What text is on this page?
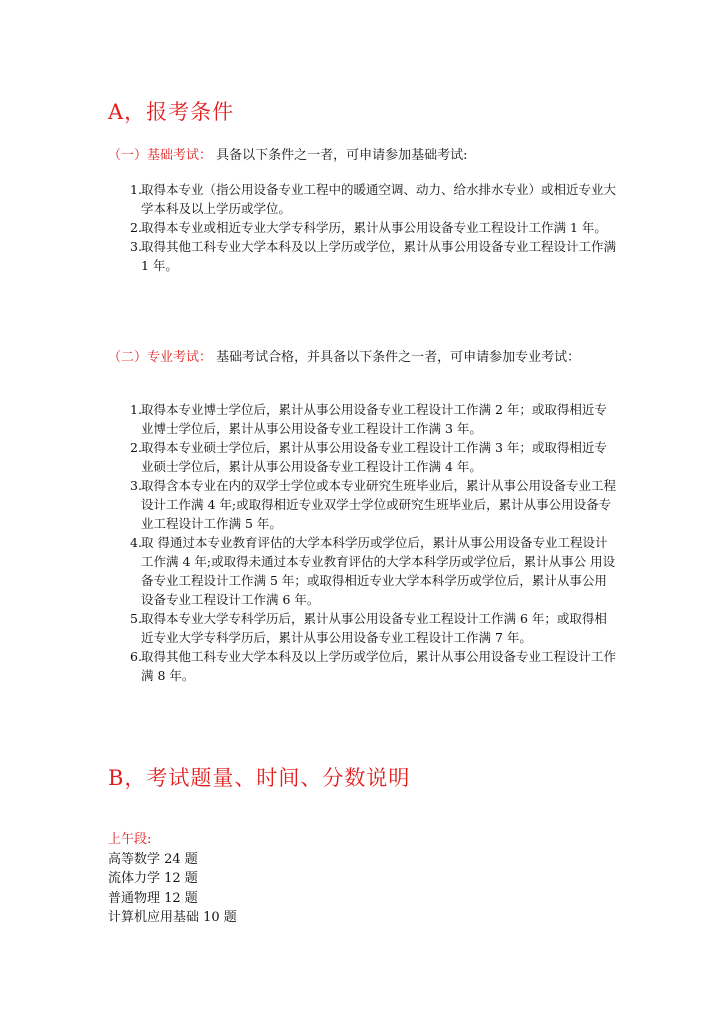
A，报考条件
（一）基础考试： 具备以下条件之一者，可申请参加基础考试:
1. 取得本专业（指公用设备专业工程中的暖通空调、动力、给水排水专业）或相近专业大学本科及以上学历或学位。
2. 取得本专业或相近专业大学专科学历，累计从事公用设备专业工程设计工作满 1 年。
3. 取得其他工科专业大学本科及以上学历或学位，累计从事公用设备专业工程设计工作满 1 年。
（二）专业考试： 基础考试合格，并具备以下条件之一者，可申请参加专业考试：
1. 取得本专业博士学位后，累计从事公用设备专业工程设计工作满 2 年；或取得相近专业博士学位后，累计从事公用设备专业工程设计工作满 3 年。
2. 取得本专业硕士学位后，累计从事公用设备专业工程设计工作满 3 年；或取得相近专业硕士学位后，累计从事公用设备专业工程设计工作满 4 年。
3. 取得含本专业在内的双学士学位或本专业研究生班毕业后，累计从事公用设备专业工程设计工作满 4 年;或取得相近专业双学士学位或研究生班毕业后，累计从事公用设备专业工程设计工作满 5 年。
4. 取 得通过本专业教育评估的大学本科学历或学位后，累计从事公用设备专业工程设计工作满 4 年;或取得未通过本专业教育评估的大学本科学历或学位后，累计从事公 用设备专业工程设计工作满 5 年；或取得相近专业大学本科学历或学位后，累计从事公用设备专业工程设计工作满 6 年。
5. 取得本专业大学专科学历后，累计从事公用设备专业工程设计工作满 6 年；或取得相近专业大学专科学历后，累计从事公用设备专业工程设计工作满 7 年。
6. 取得其他工科专业大学本科及以上学历或学位后，累计从事公用设备专业工程设计工作满 8 年。
B，考试题量、时间、分数说明
上午段:
高等数学 24 题
流体力学 12 题
普通物理 12 题
计算机应用基础 10 题
